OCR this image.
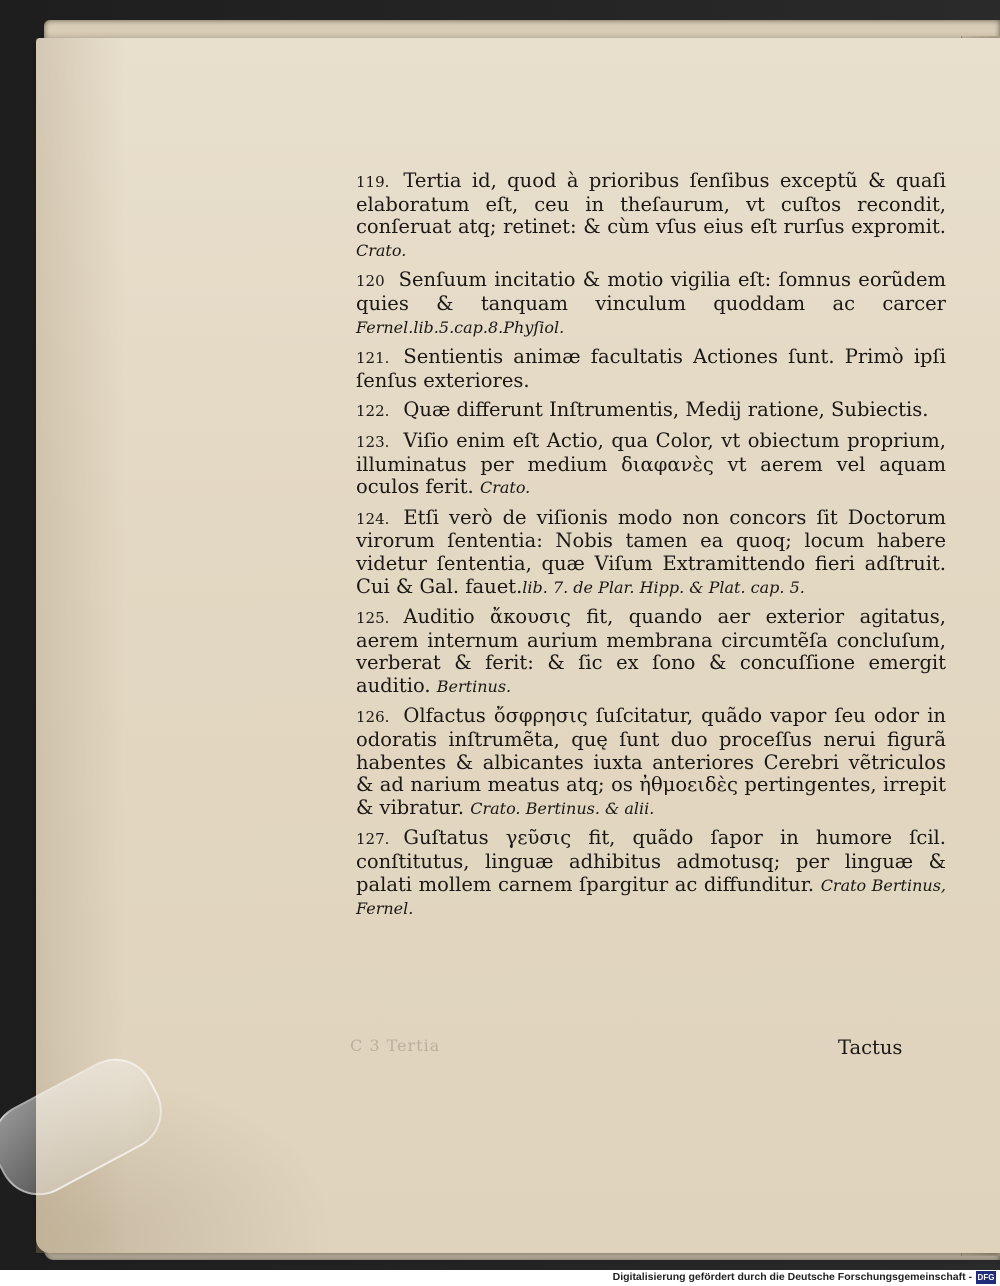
C 3 Tertia

119. Tertia id, quod à prioribus ſenſibus exceptũ & quaſi elaboratum eſt, ceu in theſaurum, vt cuſtos recondit, conſeruat atq; retinet: & cùm vſus eius eſt rurſus expromit. Crato.

120 Senſuum incitatio & motio vigilia eſt: ſomnus eorũdem quies & tanquam vinculum quoddam ac carcer Fernel.lib.5.cap.8.Phyſiol.

121. Sentientis animæ facultatis Actiones ſunt. Primò ipſi ſenſus exteriores.

122. Quæ differunt Inſtrumentis, Medij ratione, Subiectis.

123. Viſio enim eſt Actio, qua Color, vt obiectum proprium, illuminatus per medium διαφανὲς vt aerem vel aquam oculos ferit. Crato.

124. Etſi verò de viſionis modo non concors ſit Doctorum virorum ſententia: Nobis tamen ea quoq; locum habere videtur ſententia, quæ Viſum Extramittendo fieri adſtruit. Cui & Gal. fauet.lib. 7. de Plar. Hipp. & Plat. cap. 5.

125. Auditio ἄκουσις fit, quando aer exterior agitatus, aerem internum aurium membrana circumtẽſa concluſum, verberat & ferit: & ſic ex ſono & concuſſione emergit auditio. Bertinus.

126. Olfactus ὄσφρησις ſuſcitatur, quãdo vapor ſeu odor in odoratis inſtrumẽta, quę ſunt duo proceſſus nerui figurã habentes & albicantes iuxta anteriores Cerebri vẽtriculos & ad narium meatus atq; os ἠθμοειδὲς pertingentes, irrepit & vibratur. Crato. Bertinus. & alii.

127. Guſtatus γεῦσις fit, quãdo ſapor in humore ſcil. conſtitutus, linguæ adhibitus admotusq; per linguæ & palati mollem carnem ſpargitur ac diffunditur. Crato Bertinus, Fernel.

Tactus
Digitalisierung gefördert durch die Deutsche Forschungsgemeinschaft - DFG
